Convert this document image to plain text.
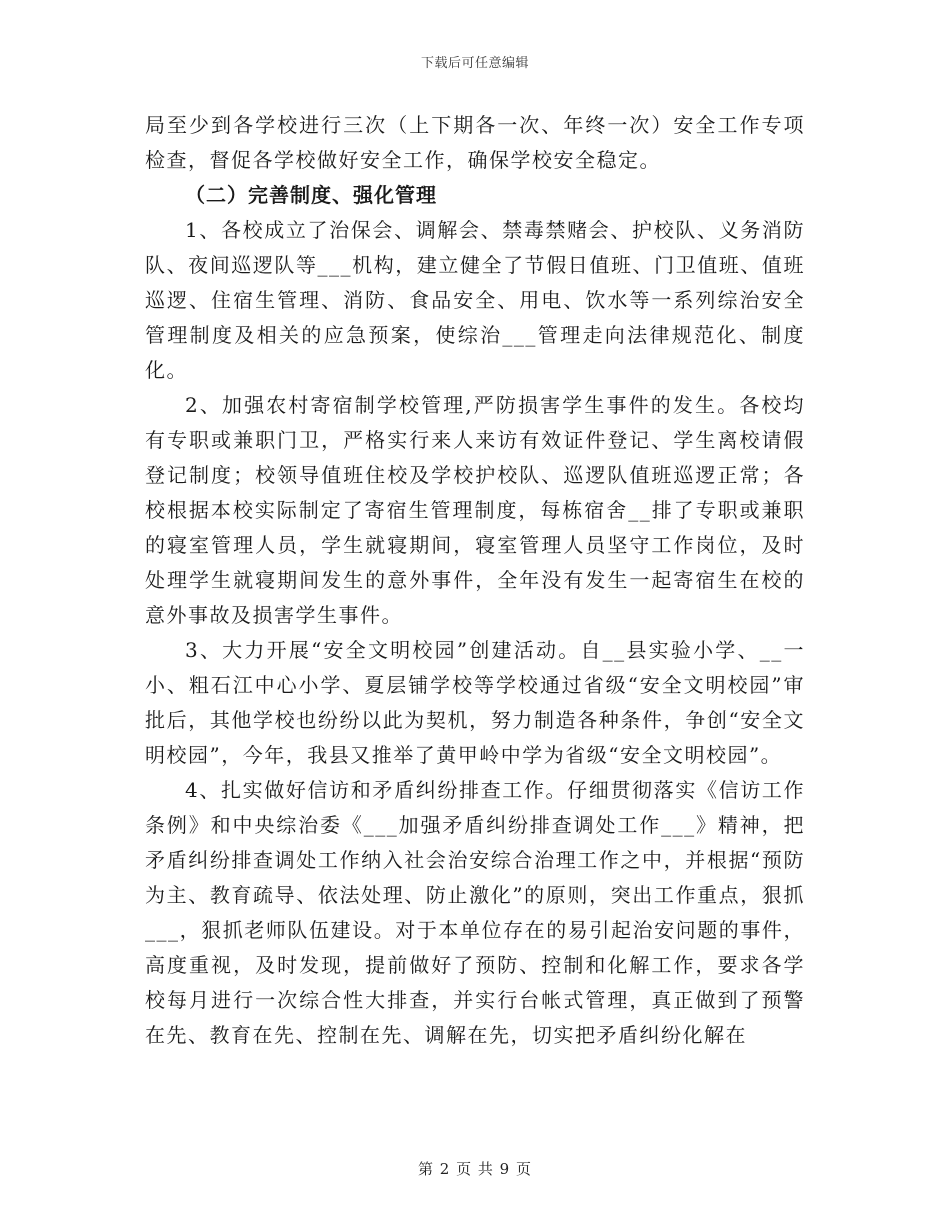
下载后可任意编辑

局至少到各学校进行三次（上下期各一次、年终一次）安全工作专项检查，督促各学校做好安全工作，确保学校安全稳定。

（二）完善制度、强化管理

1、各校成立了治保会、调解会、禁毒禁赌会、护校队、义务消防队、夜间巡逻队等___机构，建立健全了节假日值班、门卫值班、值班巡逻、住宿生管理、消防、食品安全、用电、饮水等一系列综治安全管理制度及相关的应急预案，使综治___管理走向法律规范化、制度化。

2、加强农村寄宿制学校管理,严防损害学生事件的发生。各校均有专职或兼职门卫，严格实行来人来访有效证件登记、学生离校请假登记制度；校领导值班住校及学校护校队、巡逻队值班巡逻正常；各校根据本校实际制定了寄宿生管理制度，每栋宿舍__排了专职或兼职的寝室管理人员，学生就寝期间，寝室管理人员坚守工作岗位，及时处理学生就寝期间发生的意外事件，全年没有发生一起寄宿生在校的意外事故及损害学生事件。

3、大力开展“安全文明校园”创建活动。自__县实验小学、__一小、粗石江中心小学、夏层铺学校等学校通过省级“安全文明校园”审批后，其他学校也纷纷以此为契机，努力制造各种条件，争创“安全文明校园”，今年，我县又推举了黄甲岭中学为省级“安全文明校园”。

4、扎实做好信访和矛盾纠纷排查工作。仔细贯彻落实《信访工作条例》和中央综治委《___加强矛盾纠纷排查调处工作___》精神，把矛盾纠纷排查调处工作纳入社会治安综合治理工作之中，并根据“预防为主、教育疏导、依法处理、防止激化”的原则，突出工作重点，狠抓___，狠抓老师队伍建设。对于本单位存在的易引起治安问题的事件，高度重视，及时发现，提前做好了预防、控制和化解工作，要求各学校每月进行一次综合性大排查，并实行台帐式管理，真正做到了预警在先、教育在先、控制在先、调解在先，切实把矛盾纠纷化解在

第 2 页 共 9 页
